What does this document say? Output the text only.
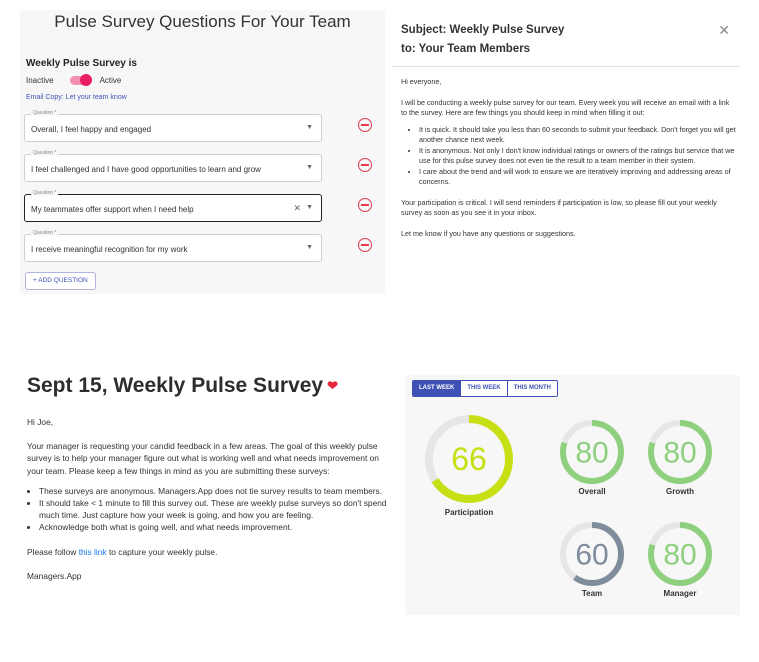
Pulse Survey Questions For Your Team
Weekly Pulse Survey is
Inactive	Active
Email Copy: Let your team know
Question *
Overall, I feel happy and engaged	▼
Question *
I feel challenged and I have good opportunities to learn and grow	▼
Question *
My teammates offer support when I need help	✕ ▼
Question *
I receive meaningful recognition for my work	▼
+ ADD QUESTION
Subject: Weekly Pulse Survey
to: Your Team Members
✕

Hi everyone,

I will be conducting a weekly pulse survey for our team. Every week you will receive an email with a link to the survey. Here are few things you should keep in mind when filling it out:

• It is quick. It should take you less than 60 seconds to submit your feedback. Don't forget you will get another chance next week.
• It is anonymous. Not only I don't know individual ratings or owners of the ratings but service that we use for this pulse survey does not even tie the result to a team member in their system.
• I care about the trend and will work to ensure we are iteratively improving and addressing areas of concerns.

Your participation is critical. I will send reminders if participation is low, so please fill out your weekly survey as soon as you see it in your inbox.

Let me know if you have any questions or suggestions.

Sept 15, Weekly Pulse Survey ❤

Hi Joe,

Your manager is requesting your candid feedback in a few areas. The goal of this weekly pulse survey is to help your manager figure out what is working well and what needs improvement on your team. Please keep a few things in mind as you are submitting these surveys:

• These surveys are anonymous. Managers.App does not tie survey results to team members.
• It should take < 1 minute to fill this survey out. These are weekly pulse surveys so don't spend much time. Just capture how your week is going, and how you are feeling.
• Acknowledge both what is going well, and what needs improvement.

Please follow this link to capture your weekly pulse.

Managers.App

LAST WEEK	THIS WEEK	THIS MONTH
66
Participation
80
Overall
80
Growth
60
Team
80
Manager
